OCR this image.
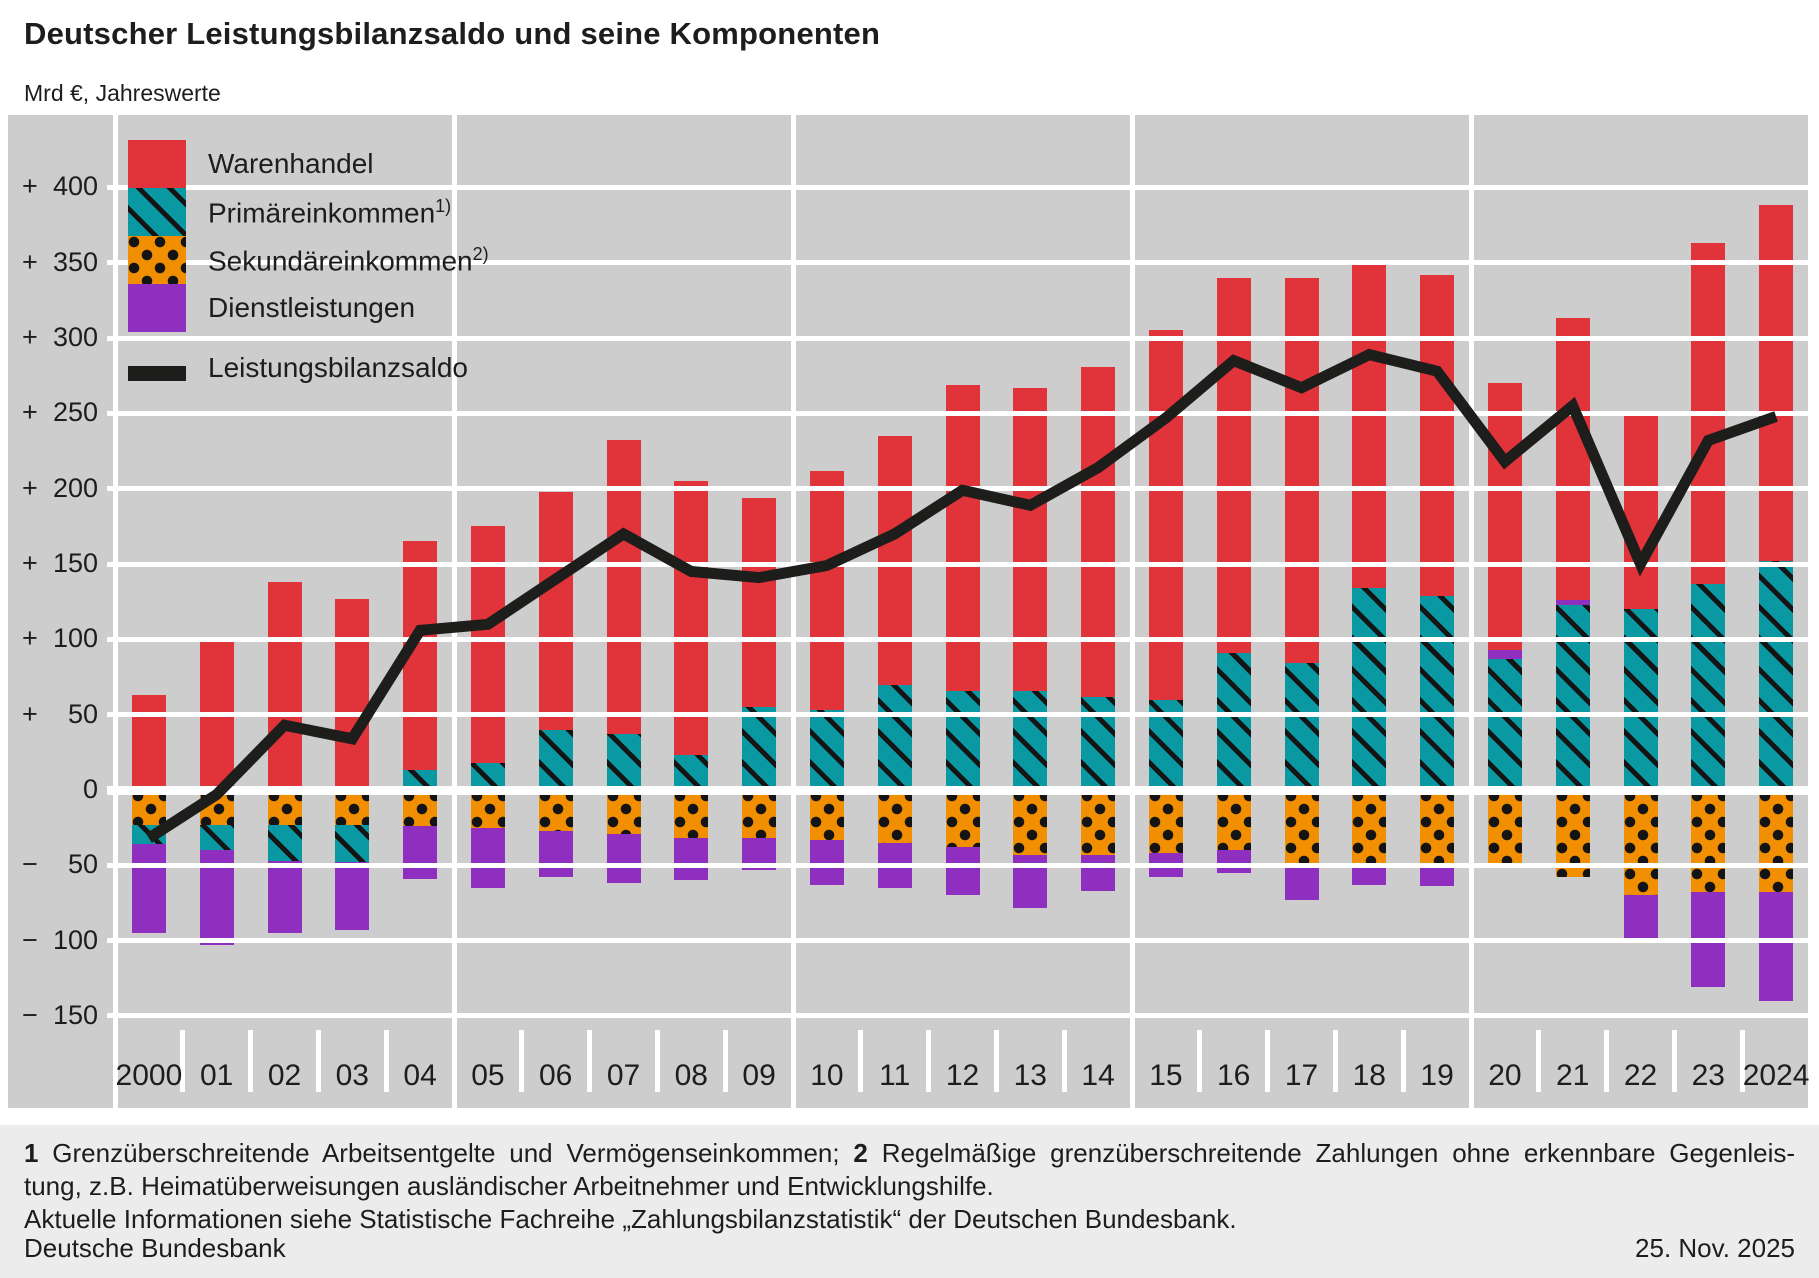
Deutscher Leistungsbilanzsaldo und seine Komponenten
Mrd €, Jahreswerte
+ 400
+ 350
+ 300
+ 250
+ 200
+ 150
+ 100
+ 50
0
− 50
− 100
− 150
2000 01	02	03	04	05	06	07	08	09	10	11	12	13	14	15	16	17	18	19	20	21	22	23 2024
Warenhandel
Primäreinkommen$^{1)}$
Sekundäreinkommen$^{2)}$
Dienstleistungen
Leistungsbilanzsaldo
1 Grenzüberschreitende Arbeitsentgelte und Vermögenseinkommen; 2 Regelmäßige grenzüberschreitende Zahlungen ohne erkennbare Gegenleis-
tung, z.B. Heimatüberweisungen ausländischer Arbeitnehmer und Entwicklungshilfe.
Aktuelle Informationen siehe Statistische Fachreihe „Zahlungsbilanzstatistik“ der Deutschen Bundesbank.
Deutsche Bundesbank	25. Nov. 2025
